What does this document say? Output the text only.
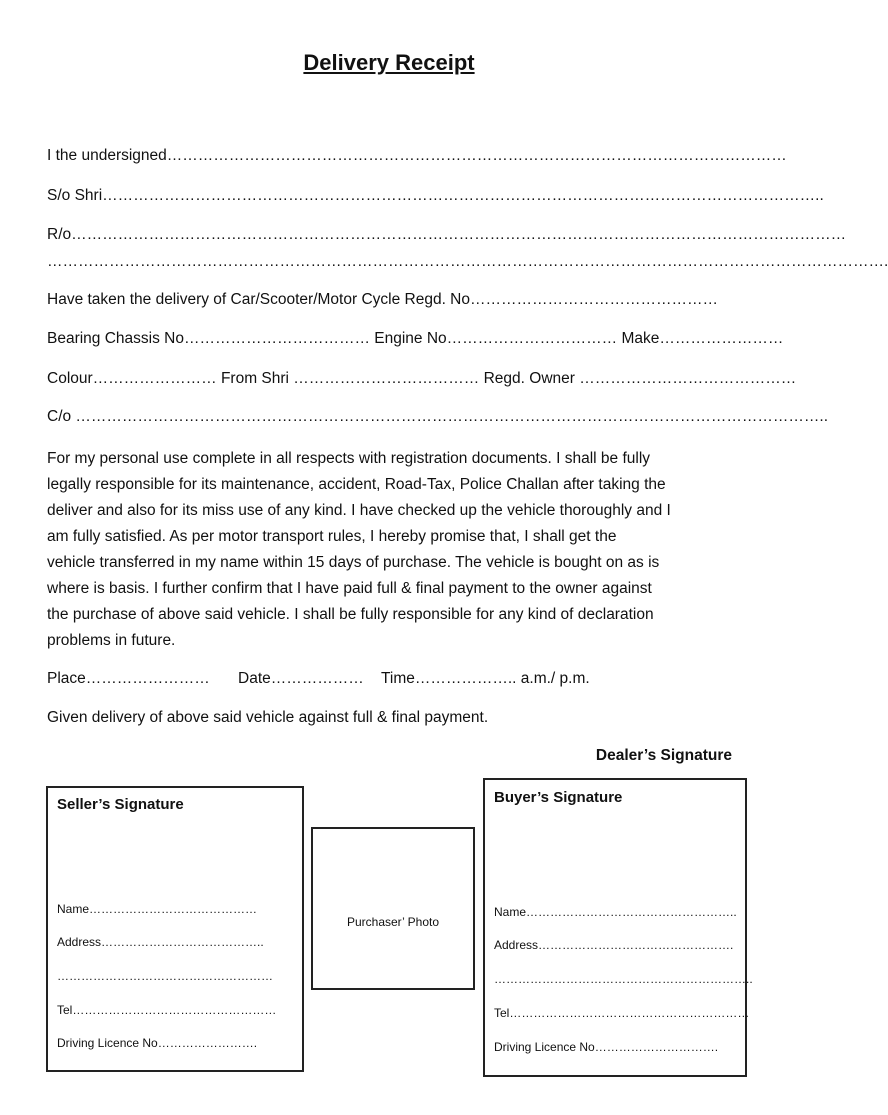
Delivery Receipt
I the undersigned…………………………………………………………………………………………………………
S/o Shri…………………………………………………………………………………………………………………………..
R/o……………………………………………………………………………………………………………………………………
……………………………………………………………………………………………………………………………………………….
Have taken the delivery of Car/Scooter/Motor Cycle Regd. No…………………………………………
Bearing Chassis No……………………………… Engine No…………………………… Make……………………
Colour…………………… From Shri ……………………………… Regd. Owner ……………………………………
C/o ………………………………………………………………………………………………………………………………..
For my personal use complete in all respects with registration documents. I shall be fully
legally responsible for its maintenance, accident, Road-Tax, Police Challan after taking the
deliver and also for its miss use of any kind. I have checked up the vehicle thoroughly and I
am fully satisfied. As per motor transport rules, I hereby promise that, I shall get the
vehicle transferred in my name within 15 days of purchase. The vehicle is bought on as is
where is basis. I further confirm that I have paid full & final payment to the owner against
the purchase of above said vehicle. I shall be fully responsible for any kind of declaration
problems in future.
Place…………………… Date……………… Time……………….. a.m./ p.m.
Given delivery of above said vehicle against full & final payment.
Dealer’s Signature
Seller’s Signature
Name……………………………………
Address…………………………………..
………………………………………………
Tel……………………………………………
Driving Licence No…………………….
Purchaser’ Photo
Buyer’s Signature
Name……………………………………………..
Address………………………………………….
………………………………………………………..
Tel……………………………………………………
Driving Licence No………………………….
